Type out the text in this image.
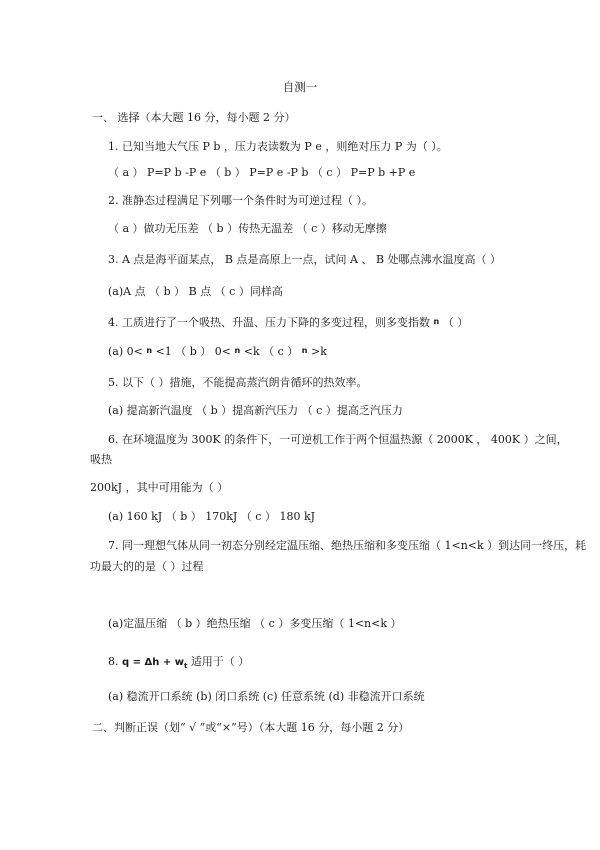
自测一
一、 选择（本大题 16 分，每小题 2 分）
1. 已知当地大气压 P b ，压力表读数为 P e ，则绝对压力 P 为（ ）。
（ a ） P=P b -P e （ b ） P=P e -P b （ c ） P=P b +P e
2. 准静态过程满足下列哪一个条件时为可逆过程（ ）。
（ a ）做功无压差 （ b ）传热无温差 （ c ）移动无摩擦
3. A 点是海平面某点， B 点是高原上一点，试问 A 、 B 处哪点沸水温度高（ ）
(a)A 点 （ b ） B 点 （ c ）同样高
4. 工质进行了一个吸热、升温、压力下降的多变过程，则多变指数 n （ ）
(a) 0< n <1 （ b ） 0< n <k （ c ） n >k
5. 以下（ ）措施，不能提高蒸汽朗肯循环的热效率。
(a) 提高新汽温度 （ b ）提高新汽压力 （ c ）提高乏汽压力
6. 在环境温度为 300K 的条件下，一可逆机工作于两个恒温热源（ 2000K ， 400K ）之间，
吸热
200kJ ，其中可用能为（ ）
(a) 160 kJ （ b ） 170kJ （ c ） 180 kJ
7. 同一理想气体从同一初态分别经定温压缩、绝热压缩和多变压缩（ 1<n<k ）到达同一终压，耗
功最大的的是（ ）过程
(a)定温压缩 （ b ）绝热压缩 （ c ）多变压缩（ 1<n<k ）
8. $q = \Delta h + w_t$ 适用于（ ）
(a) 稳流开口系统 (b) 闭口系统 (c) 任意系统 (d) 非稳流开口系统
二、判断正误（划“ √ ”或“×”号）（本大题 16 分，每小题 2 分）
